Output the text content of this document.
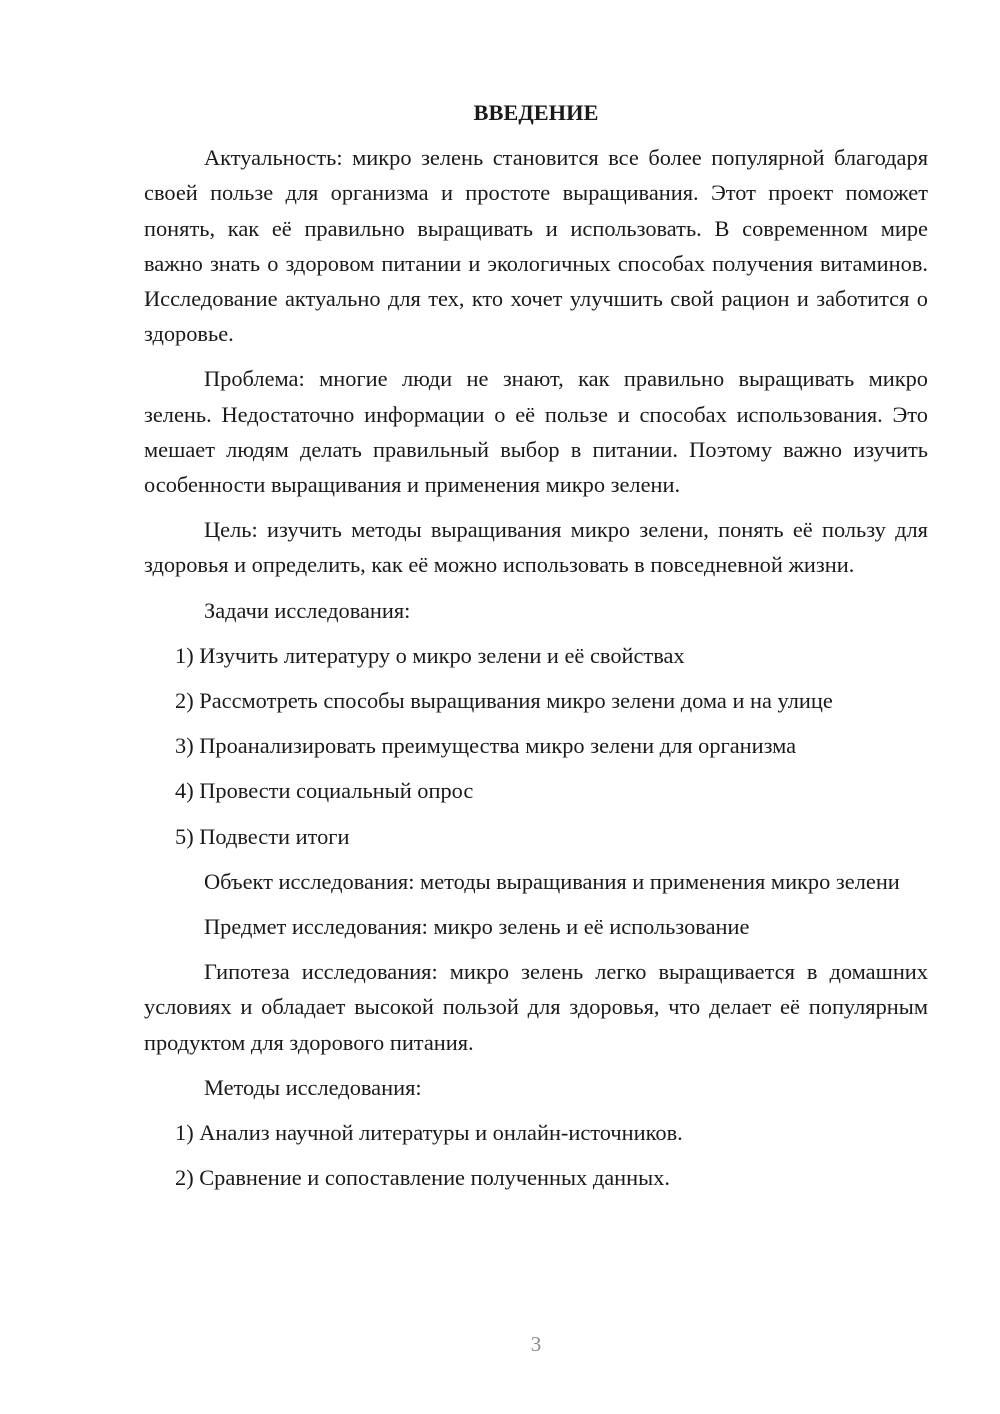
ВВЕДЕНИЕ

Актуальность: микро зелень становится все более популярной благодаря своей пользе для организма и простоте выращивания. Этот проект поможет понять, как её правильно выращивать и использовать. В современном мире важно знать о здоровом питании и экологичных способах получения витаминов. Исследование актуально для тех, кто хочет улучшить свой рацион и заботится о здоровье.

Проблема: многие люди не знают, как правильно выращивать микро зелень. Недостаточно информации о её пользе и способах использования. Это мешает людям делать правильный выбор в питании. Поэтому важно изучить особенности выращивания и применения микро зелени.

Цель: изучить методы выращивания микро зелени, понять её пользу для здоровья и определить, как её можно использовать в повседневной жизни.

Задачи исследования:

1) Изучить литературу о микро зелени и её свойствах

2) Рассмотреть способы выращивания микро зелени дома и на улице

3) Проанализировать преимущества микро зелени для организма

4) Провести социальный опрос

5) Подвести итоги

Объект исследования: методы выращивания и применения микро зелени

Предмет исследования: микро зелень и её использование

Гипотеза исследования: микро зелень легко выращивается в домашних условиях и обладает высокой пользой для здоровья, что делает её популярным продуктом для здорового питания.

Методы исследования:

1) Анализ научной литературы и онлайн-источников.

2) Сравнение и сопоставление полученных данных.

3
